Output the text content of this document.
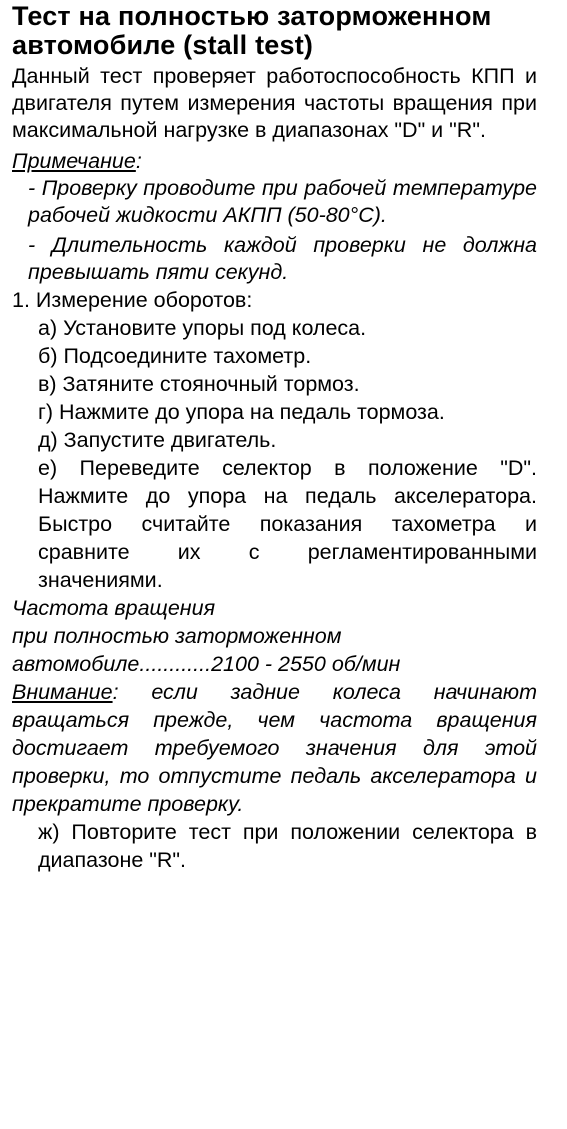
Тест на полностью заторможенном автомобиле (stall test)

Данный тест проверяет работоспособность КПП и двигателя путем измерения частоты вращения при максимальной нагрузке в диапазонах "D" и "R".

Примечание:

- Проверку проводите при рабочей температуре рабочей жидкости АКПП (50-80°С).

- Длительность каждой проверки не должна превышать пяти секунд.

1. Измерение оборотов:

а) Установите упоры под колеса.

б) Подсоедините тахометр.

в) Затяните стояночный тормоз.

г) Нажмите до упора на педаль тормоза.

д) Запустите двигатель.

е) Переведите селектор в положение "D". Нажмите до упора на педаль акселератора. Быстро считайте показания тахометра и сравните их с регламентированными значениями.

Частота вращения

при полностью заторможенном

автомобиле............2100 - 2550 об/мин

Внимание: если задние колеса начинают вращаться прежде, чем частота вращения достигает требуемого значения для этой проверки, то отпустите педаль акселератора и прекратите проверку.

ж) Повторите тест при положении селектора в диапазоне "R".
